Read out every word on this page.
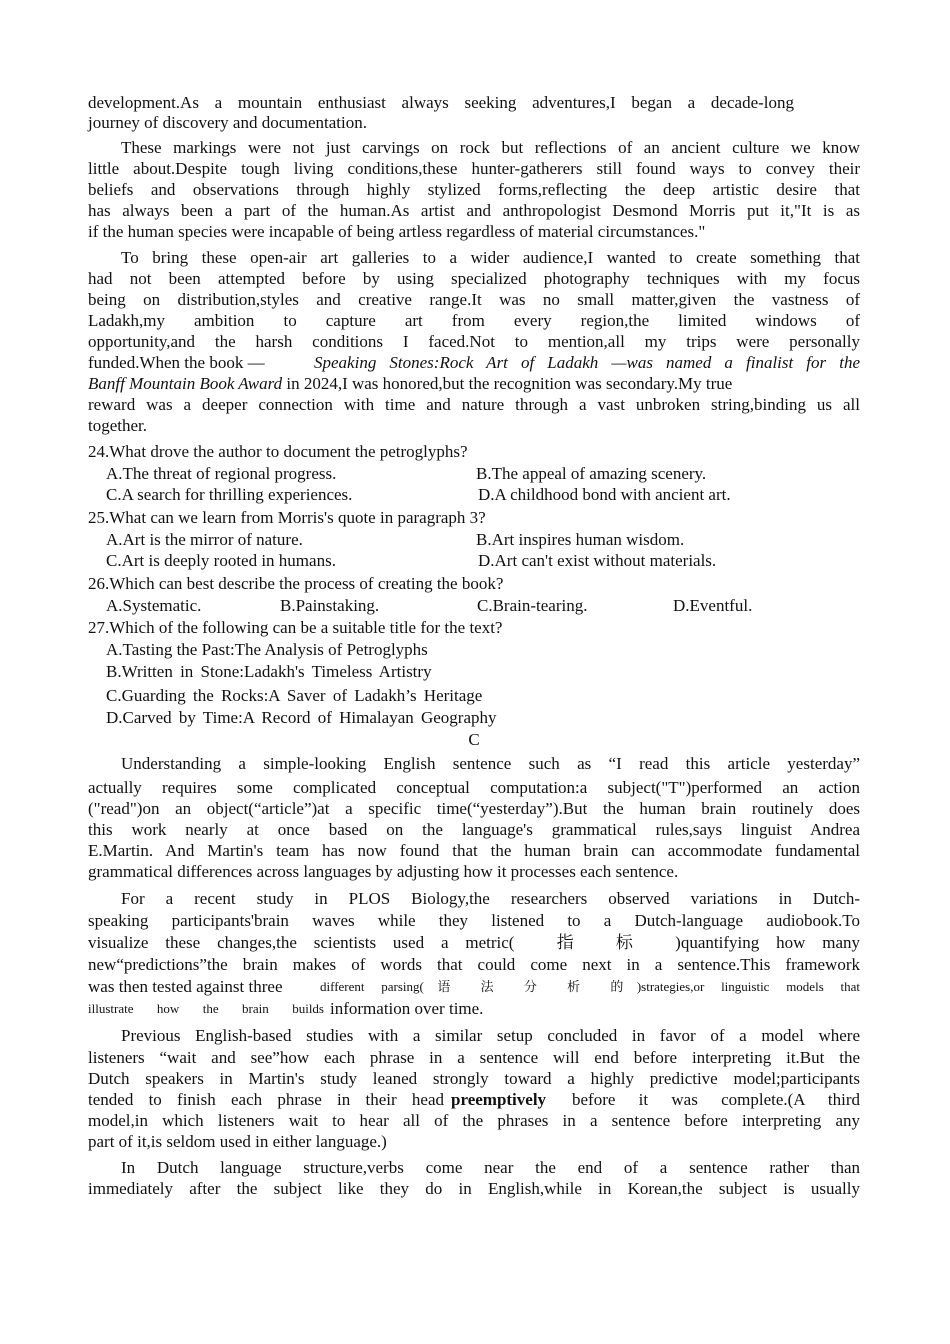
development.As a mountain enthusiast always seeking adventures,I began a decade-long
journey of discovery and documentation.
These markings were not just carvings on rock but reflections of an ancient culture we know
little about.Despite tough living conditions,these hunter-gatherers still found ways to convey their
beliefs and observations through highly stylized forms,reflecting the deep artistic desire that
has always been a part of the human.As artist and anthropologist Desmond Morris put it,"It is as
if the human species were incapable of being artless regardless of material circumstances."
To bring these open-air art galleries to a wider audience,I wanted to create something that
had not been attempted before by using specialized photography techniques with my focus
being on distribution,styles and creative range.It was no small matter,given the vastness of
Ladakh,my ambition to capture art from every region,the limited windows of
opportunity,and the harsh conditions I faced.Not to mention,all my trips were personally
funded.When the book —	Speaking Stones:Rock Art of Ladakh —was named a finalist for the
Banff Mountain Book Award in 2024,I was honored,but the recognition was secondary.My true
reward was a deeper connection with time and nature through a vast unbroken string,binding us all
together.
24.What drove the author to document the petroglyphs?
A.The threat of regional progress.	B.The appeal of amazing scenery.
C.A search for thrilling experiences.	D.A childhood bond with ancient art.
25.What can we learn from Morris's quote in paragraph 3?
A.Art is the mirror of nature.	B.Art inspires human wisdom.
C.Art is deeply rooted in humans.	D.Art can't exist without materials.
26.Which can best describe the process of creating the book?
A.Systematic.	B.Painstaking.	C.Brain-tearing.	D.Eventful.
27.Which of the following can be a suitable title for the text?
A.Tasting the Past:The Analysis of Petroglyphs
B.Written in Stone:Ladakh's Timeless Artistry
C.Guarding the Rocks:A Saver of Ladakh’s Heritage
D.Carved by Time:A Record of Himalayan Geography
C
Understanding a simple-looking English sentence such as “I read this article yesterday”
actually requires some complicated conceptual computation:a subject("T")performed an action
("read")on an object(“article”)at a specific time(“yesterday”).But the human brain routinely does
this work nearly at once based on the language's grammatical rules,says linguist Andrea
E.Martin. And Martin's team has now found that the human brain can accommodate fundamental
grammatical differences across languages by adjusting how it processes each sentence.
For a recent study in PLOS Biology,the researchers observed variations in Dutch-
speaking participants'brain waves while they listened to a Dutch-language audiobook.To
visualize these changes,the scientists used a metric(　指　标　)quantifying how many
new“predictions”the brain makes of words that could come next in a sentence.This framework
was then tested against three	different parsing(语 法 分 析 的)strategies,or linguistic models that
illustrate how the brain builds information over time.
Previous English-based studies with a similar setup concluded in favor of a model where
listeners “wait and see”how each phrase in a sentence will end before interpreting it.But the
Dutch speakers in Martin's study leaned strongly toward a highly predictive model;participants
tended to finish each phrase in their head preemptively before it was complete.(A third
model,in which listeners wait to hear all of the phrases in a sentence before interpreting any
part of it,is seldom used in either language.)
In Dutch language structure,verbs come near the end of a sentence rather than
immediately after the subject like they do in English,while in Korean,the subject is usually
